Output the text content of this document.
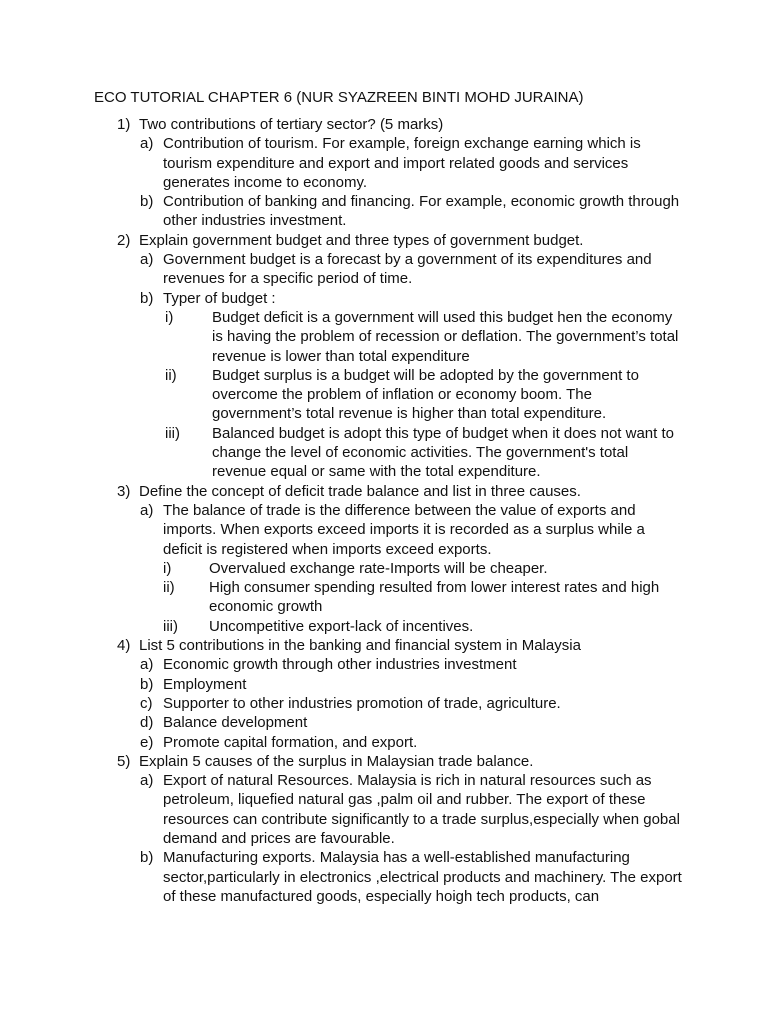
ECO TUTORIAL CHAPTER 6 (NUR SYAZREEN BINTI MOHD JURAINA)
1) Two contributions of tertiary sector? (5 marks)
a) Contribution of tourism. For example, foreign exchange earning which is tourism expenditure and export and import related goods and services generates income to economy.
b) Contribution of banking and financing. For example, economic growth through other industries investment.
2) Explain government budget and three types of government budget.
a) Government budget is a forecast by a government of its expenditures and revenues for a specific period of time.
b) Typer of budget :
i)	Budget deficit is a government will used this budget hen the economy is having the problem of recession or deflation. The government’s total revenue is lower than total expenditure
ii)	Budget surplus is a budget will be adopted by the government to overcome the problem of inflation or economy boom. The government’s total revenue is higher than total expenditure.
iii)	Balanced budget is adopt this type of budget when it does not want to change the level of economic activities. The government's total revenue equal or same with the total expenditure.
3) Define the concept of deficit trade balance and list in three causes.
a) The balance of trade is the difference between the value of exports and imports. When exports exceed imports it is recorded as a surplus while a deficit is registered when imports exceed exports.
i)	Overvalued exchange rate-Imports will be cheaper.
ii)	High consumer spending resulted from lower interest rates and high economic growth
iii)	Uncompetitive export-lack of incentives.
4) List 5 contributions in the banking and financial system in Malaysia
a) Economic growth through other industries investment
b) Employment
c) Supporter to other industries promotion of trade, agriculture.
d) Balance development
e) Promote capital formation, and export.
5) Explain 5 causes of the surplus in Malaysian trade balance.
a) Export of natural Resources. Malaysia is rich in natural resources such as petroleum, liquefied natural gas ,palm oil and rubber. The export of these resources can contribute significantly to a trade surplus,especially when gobal demand and prices are favourable.
b) Manufacturing exports. Malaysia has a well-established manufacturing sector,particularly in electronics ,electrical products and machinery. The export of these manufactured goods, especially hoigh tech products, can
